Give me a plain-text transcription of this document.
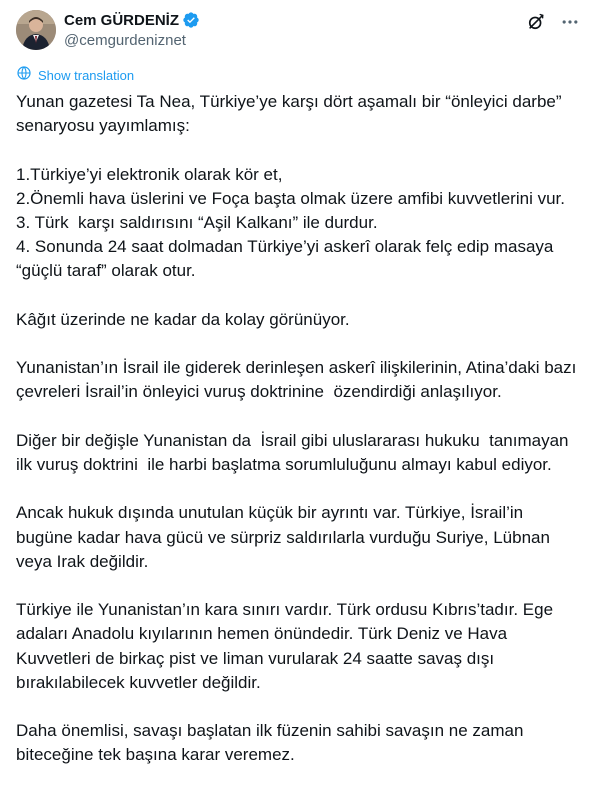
Cem GÜRDENİZ
@cemgurdeniznet
Show translation

Yunan gazetesi Ta Nea, Türkiye’ye karşı dört aşamalı bir “önleyici darbe” senaryosu yayımlamış:

1.Türkiye’yi elektronik olarak kör et,
2.Önemli hava üslerini ve Foça başta olmak üzere amfibi kuvvetlerini vur.
3. Türk  karşı saldırısını “Aşil Kalkanı” ile durdur.
4. Sonunda 24 saat dolmadan Türkiye’yi askerî olarak felç edip masaya “güçlü taraf” olarak otur.

Kâğıt üzerinde ne kadar da kolay görünüyor.

Yunanistan’ın İsrail ile giderek derinleşen askerî ilişkilerinin, Atina’daki bazı çevreleri İsrail’in önleyici vuruş doktrinine  özendirdiği anlaşılıyor.

Diğer bir değişle Yunanistan da  İsrail gibi uluslararası hukuku  tanımayan ilk vuruş doktrini  ile harbi başlatma sorumluluğunu almayı kabul ediyor.

Ancak hukuk dışında unutulan küçük bir ayrıntı var. Türkiye, İsrail’in bugüne kadar hava gücü ve sürpriz saldırılarla vurduğu Suriye, Lübnan veya Irak değildir.

Türkiye ile Yunanistan’ın kara sınırı vardır. Türk ordusu Kıbrıs’tadır. Ege adaları Anadolu kıyılarının hemen önündedir. Türk Deniz ve Hava Kuvvetleri de birkaç pist ve liman vurularak 24 saatte savaş dışı bırakılabilecek kuvvetler değildir.

Daha önemlisi, savaşı başlatan ilk füzenin sahibi savaşın ne zaman biteceğine tek başına karar veremez.
